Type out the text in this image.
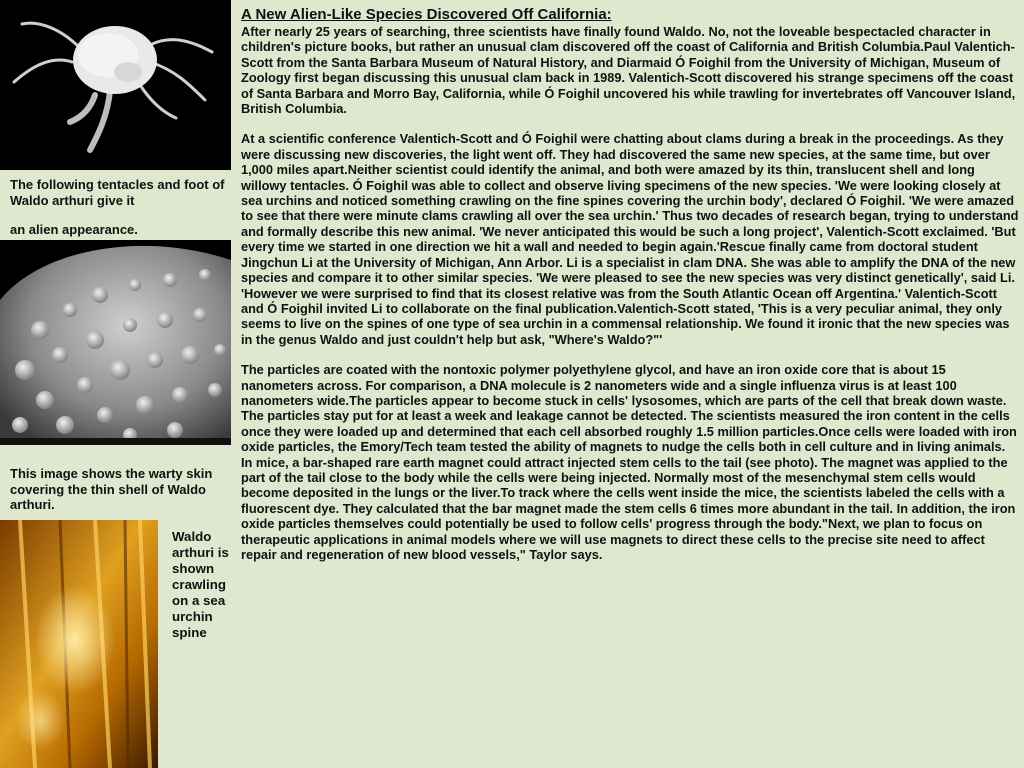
The following tentacles and foot of Waldo arthuri give it

an alien appearance.

This image shows the warty skin covering the thin shell of Waldo arthuri.

Waldo arthuri is shown crawling on a sea urchin spine

A New Alien-Like Species Discovered Off California:

After nearly 25 years of searching, three scientists have finally found Waldo. No, not the loveable bespectacled character in children's picture books, but rather an unusual clam discovered off the coast of California and British Columbia.Paul Valentich-Scott from the Santa Barbara Museum of Natural History, and Diarmaid Ó Foighil from the University of Michigan, Museum of Zoology first began discussing this unusual clam back in 1989. Valentich-Scott discovered his strange specimens off the coast of Santa Barbara and Morro Bay, California, while Ó Foighil uncovered his while trawling for invertebrates off Vancouver Island, British Columbia.

At a scientific conference Valentich-Scott and Ó Foighil were chatting about clams during a break in the proceedings. As they were discussing new discoveries, the light went off. They had discovered the same new species, at the same time, but over 1,000 miles apart.Neither scientist could identify the animal, and both were amazed by its thin, translucent shell and long willowy tentacles. Ó Foighil was able to collect and observe living specimens of the new species. 'We were looking closely at sea urchins and noticed something crawling on the fine spines covering the urchin body', declared Ó Foighil. 'We were amazed to see that there were minute clams crawling all over the sea urchin.' Thus two decades of research began, trying to understand and formally describe this new animal. 'We never anticipated this would be such a long project', Valentich-Scott exclaimed. 'But every time we started in one direction we hit a wall and needed to begin again.'Rescue finally came from doctoral student Jingchun Li at the University of Michigan, Ann Arbor. Li is a specialist in clam DNA. She was able to amplify the DNA of the new species and compare it to other similar species. 'We were pleased to see the new species was very distinct genetically', said Li. 'However we were surprised to find that its closest relative was from the South Atlantic Ocean off Argentina.' Valentich-Scott and Ó Foighil invited Li to collaborate on the final publication.Valentich-Scott stated, 'This is a very peculiar animal, they only seems to live on the spines of one type of sea urchin in a commensal relationship. We found it ironic that the new species was in the genus Waldo and just couldn't help but ask, "Where's Waldo?"'

The particles are coated with the nontoxic polymer polyethylene glycol, and have an iron oxide core that is about 15 nanometers across. For comparison, a DNA molecule is 2 nanometers wide and a single influenza virus is at least 100 nanometers wide.The particles appear to become stuck in cells' lysosomes, which are parts of the cell that break down waste. The particles stay put for at least a week and leakage cannot be detected. The scientists measured the iron content in the cells once they were loaded up and determined that each cell absorbed roughly 1.5 million particles.Once cells were loaded with iron oxide particles, the Emory/Tech team tested the ability of magnets to nudge the cells both in cell culture and in living animals. In mice, a bar-shaped rare earth magnet could attract injected stem cells to the tail (see photo). The magnet was applied to the part of the tail close to the body while the cells were being injected. Normally most of the mesenchymal stem cells would become deposited in the lungs or the liver.To track where the cells went inside the mice, the scientists labeled the cells with a fluorescent dye. They calculated that the bar magnet made the stem cells 6 times more abundant in the tail. In addition, the iron oxide particles themselves could potentially be used to follow cells' progress through the body."Next, we plan to focus on therapeutic applications in animal models where we will use magnets to direct these cells to the precise site need to affect repair and regeneration of new blood vessels," Taylor says.
